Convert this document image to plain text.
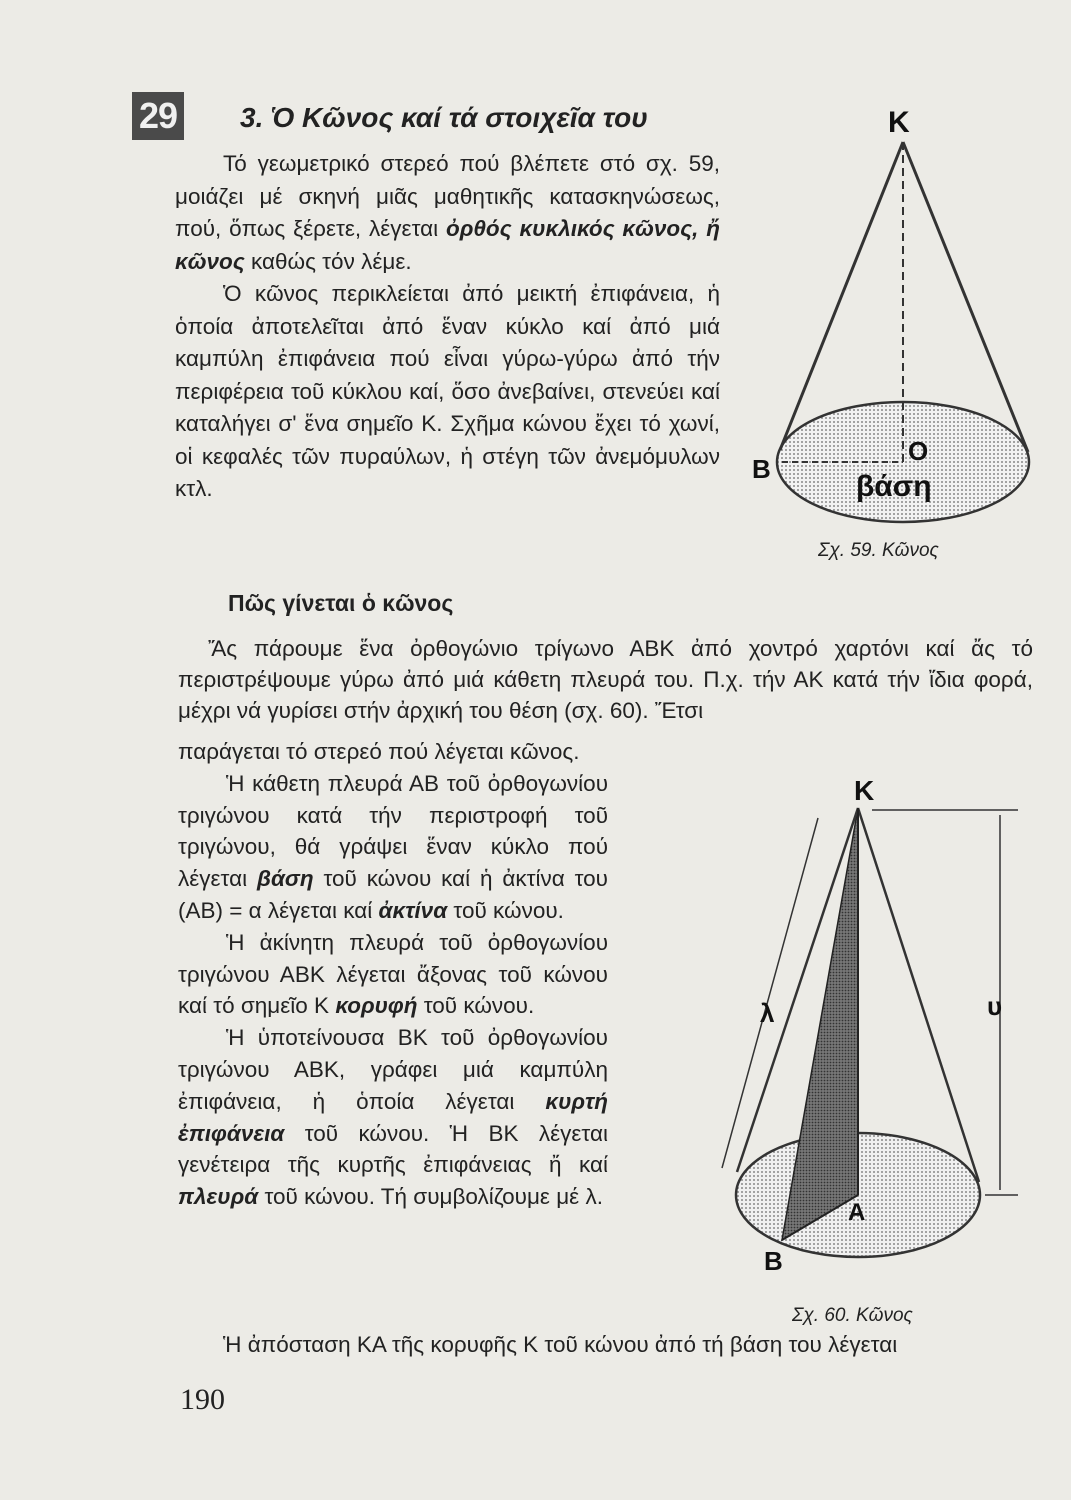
29 3. Ὁ Κῶνος καί τά στοιχεῖα του

Τό γεωμετρικό στερεό πού βλέπετε στό σχ. 59, μοιάζει μέ σκηνή μιᾶς μαθητικῆς κατασκηνώσεως, πού, ὅπως ξέρετε, λέγεται ὀρθός κυκλικός κῶνος, ἤ κῶνος καθώς τόν λέμε.

Ὁ κῶνος περικλείεται ἀπό μεικτή ἐπιφάνεια, ἡ ὁποία ἀποτελεῖται ἀπό ἕναν κύκλο καί ἀπό μιά καμπύλη ἐπιφάνεια πού εἶναι γύρω-γύρω ἀπό τήν περιφέρεια τοῦ κύκλου καί, ὅσο ἀνεβαίνει, στενεύει καί καταλήγει σ' ἕνα σημεῖο Κ. Σχῆμα κώνου ἔχει τό χωνί, οἱ κεφαλές τῶν πυραύλων, ἡ στέγη τῶν ἀνεμόμυλων κτλ.

Κ
Β
Ο
βάση
Σχ. 59. Κῶνος
Πῶς γίνεται ὁ κῶνος

Ἄς πάρουμε ἕνα ὀρθογώνιο τρίγωνο ΑΒΚ ἀπό χοντρό χαρτόνι καί ἄς τό περιστρέψουμε γύρω ἀπό μιά κάθετη πλευρά του. Π.χ. τήν ΑΚ κατά τήν ἴδια φορά, μέχρι νά γυρίσει στήν ἀρχική του θέση (σχ. 60). Ἔτσι

παράγεται τό στερεό πού λέγεται κῶνος.

Ἡ κάθετη πλευρά ΑΒ τοῦ ὀρθογωνίου τριγώνου κατά τήν περιστροφή τοῦ τριγώνου, θά γράψει ἕναν κύκλο πού λέγεται βάση τοῦ κώνου καί ἡ ἀκτίνα του (ΑΒ) = α λέγεται καί ἀκτίνα τοῦ κώνου.

Ἡ ἀκίνητη πλευρά τοῦ ὀρθογωνίου τριγώνου ΑΒΚ λέγεται ἄξονας τοῦ κώνου καί τό σημεῖο Κ κορυφή τοῦ κώνου.

Ἡ ὑποτείνουσα ΒΚ τοῦ ὀρθογωνίου τριγώνου ΑΒΚ, γράφει μιά καμπύλη ἐπιφάνεια, ἡ ὁποία λέγεται κυρτή ἐπιφάνεια τοῦ κώνου. Ἡ ΒΚ λέγεται γενέτειρα τῆς κυρτῆς ἐπιφάνειας ἤ καί πλευρά τοῦ κώνου. Τή συμβολίζουμε μέ λ.

Ἡ ἀπόσταση ΚΑ τῆς κορυφῆς Κ τοῦ κώνου ἀπό τή βάση του λέγεται
Κ
Β
Α
λ	υ
Σχ. 60. Κῶνος
190
